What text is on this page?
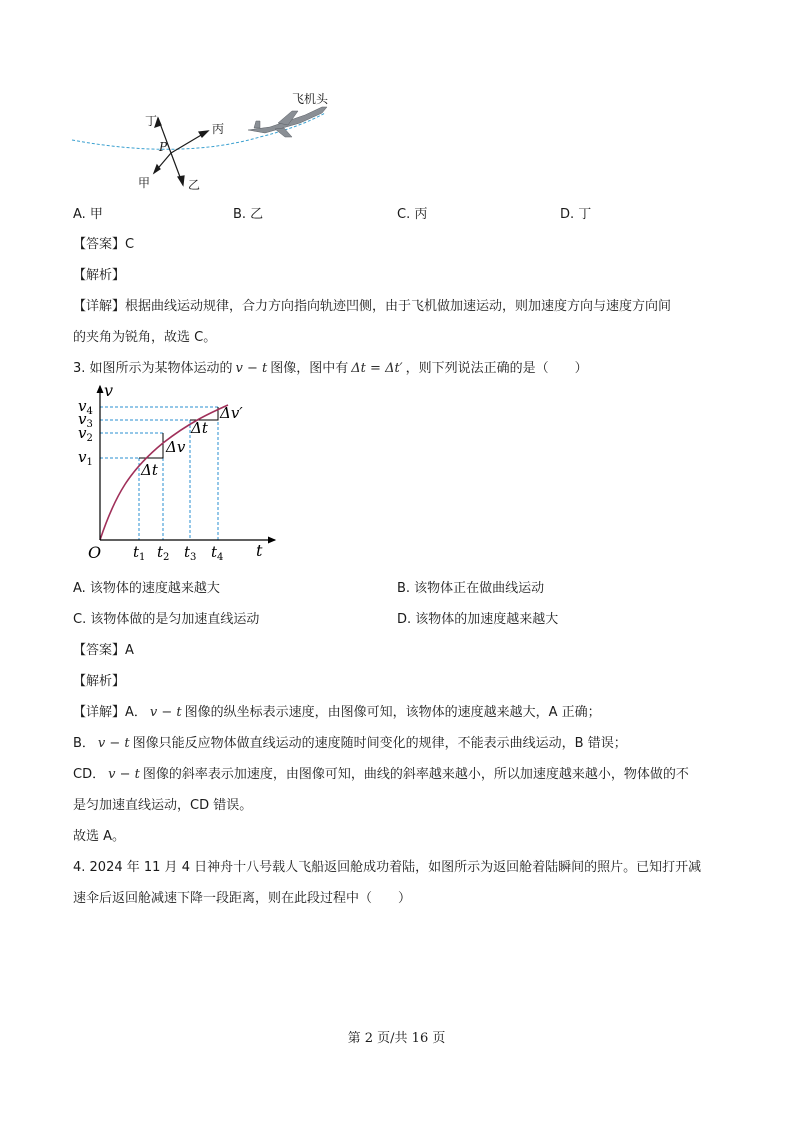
飞机头
丁
丙
甲	乙
P
A. 甲	B. 乙	C. 丙	D. 丁
【答案】C
【解析】
【详解】根据曲线运动规律，合力方向指向轨迹凹侧，由于飞机做加速运动，则加速度方向与速度方向间
的夹角为锐角，故选 C。
3. 如图所示为某物体运动的 v − t 图像，图中有 Δt = Δt′ ，则下列说法正确的是（　　）
v
t
O
$v_4$
$v_3$
$v_2$
$v_1$
$t_1$ $t_2$ $t_3$ $t_4$
Δt
Δv
Δt
Δv′
A. 该物体的速度越来越大	B. 该物体正在做曲线运动
C. 该物体做的是匀加速直线运动	D. 该物体的加速度越来越大
【答案】A
【解析】
【详解】A． v − t 图像的纵坐标表示速度，由图像可知，该物体的速度越来越大，A 正确；
B． v − t 图像只能反应物体做直线运动的速度随时间变化的规律，不能表示曲线运动，B 错误；
CD． v − t 图像的斜率表示加速度，由图像可知，曲线的斜率越来越小，所以加速度越来越小，物体做的不
是匀加速直线运动，CD 错误。
故选 A。
4. 2024 年 11 月 4 日神舟十八号载人飞船返回舱成功着陆，如图所示为返回舱着陆瞬间的照片。已知打开减
速伞后返回舱减速下降一段距离，则在此段过程中（　　）
第 2 页/共 16 页
